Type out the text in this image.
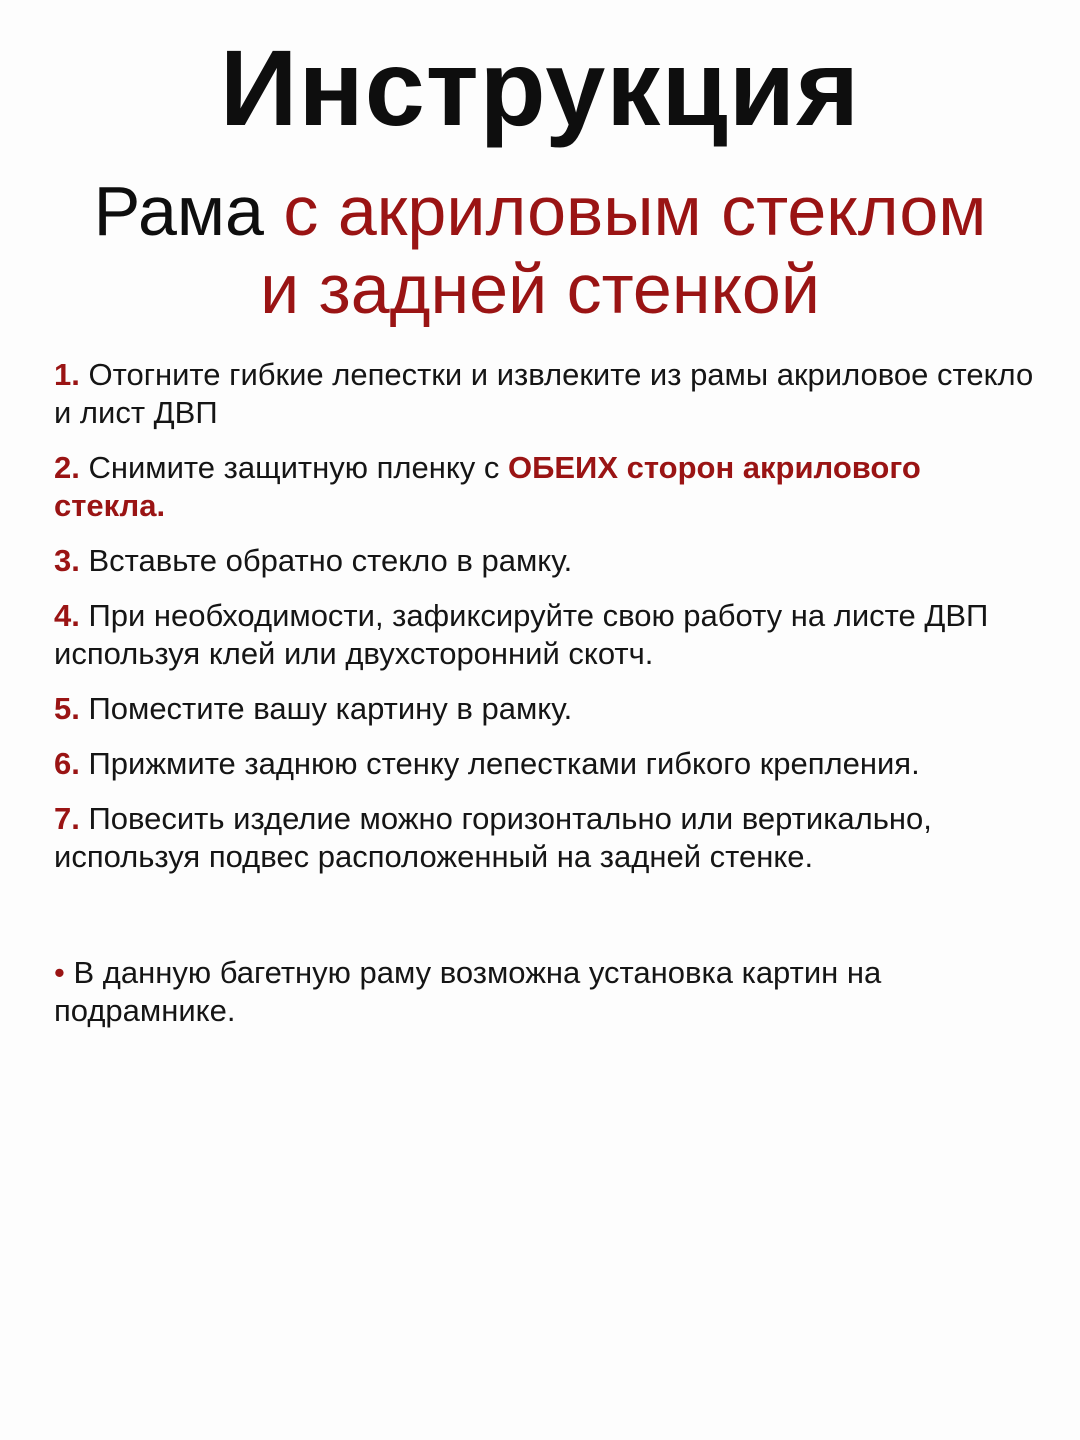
Инструкция
Рама с акриловым стеклом
и задней стенкой
1. Отогните гибкие лепестки и извлеките из рамы акриловое стекло и лист ДВП
2. Снимите защитную пленку с ОБЕИХ сторон акрилового стекла.
3. Вставьте обратно стекло в рамку.
4. При необходимости, зафиксируйте свою работу на листе ДВП используя клей или двухсторонний скотч.
5. Поместите вашу картину в рамку.
6. Прижмите заднюю стенку лепестками гибкого крепления.
7. Повесить изделие можно горизонтально или вертикально, используя подвес расположенный на задней стенке.
• В данную багетную раму возможна установка картин на подрамнике.
